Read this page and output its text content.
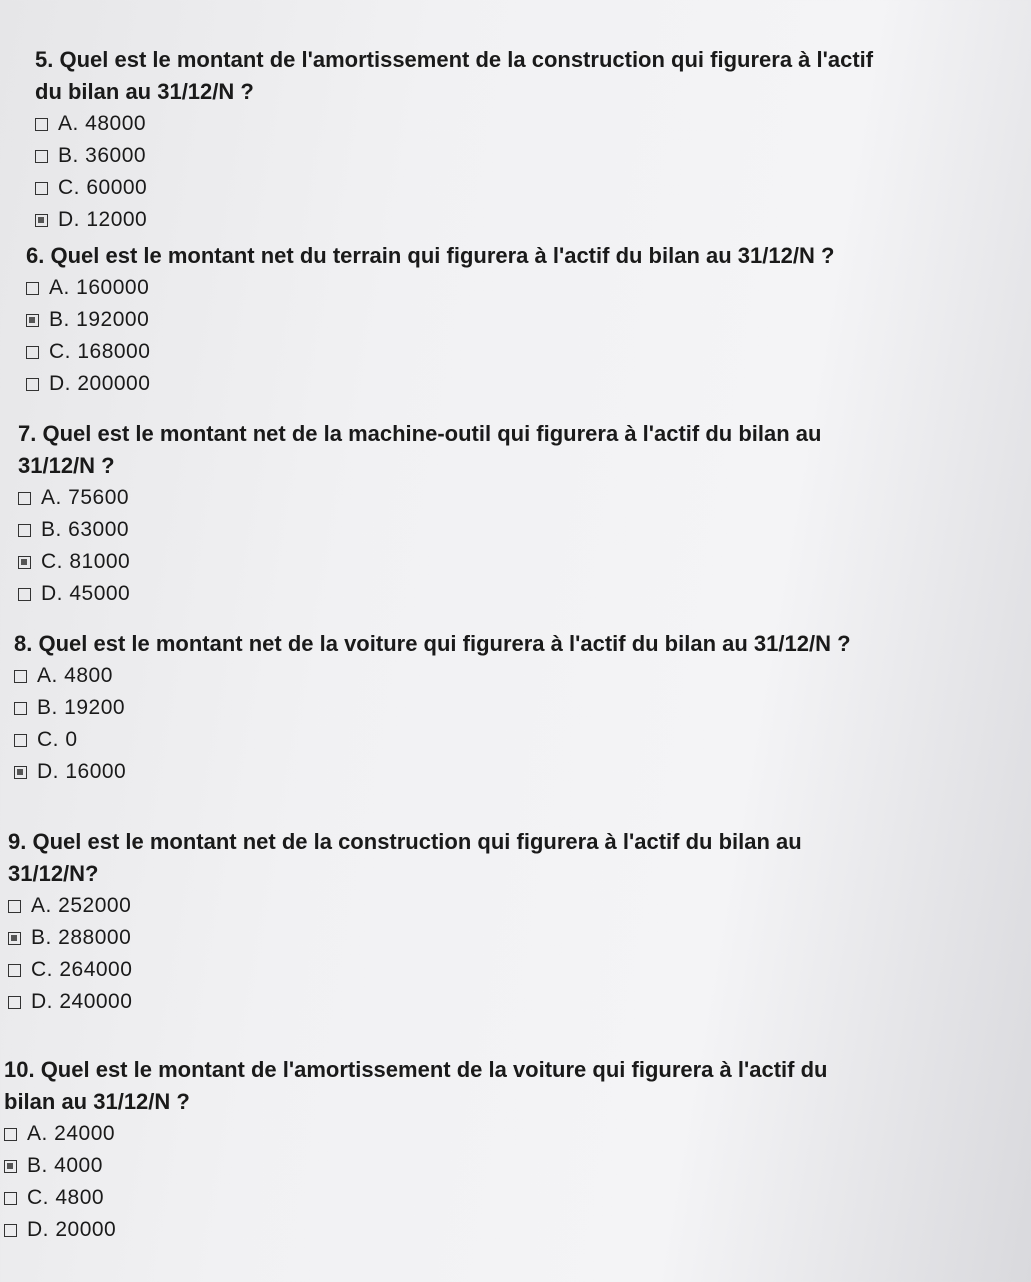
5. Quel est le montant de l'amortissement de la construction qui figurera à l'actif
du bilan au 31/12/N ?

A. 48000
B. 36000
C. 60000
D. 12000

6. Quel est le montant net du terrain qui figurera à l'actif du bilan au 31/12/N ?

A. 160000
B. 192000
C. 168000
D. 200000

7. Quel est le montant net de la machine-outil qui figurera à l'actif du bilan au
31/12/N ?

A. 75600
B. 63000
C. 81000
D. 45000

8. Quel est le montant net de la voiture qui figurera à l'actif du bilan au 31/12/N ?

A. 4800
B. 19200
C. 0
D. 16000

9. Quel est le montant net de la construction qui figurera à l'actif du bilan au
31/12/N?

A. 252000
B. 288000
C. 264000
D. 240000

10. Quel est le montant de l'amortissement de la voiture qui figurera à l'actif du
bilan au 31/12/N ?

A. 24000
B. 4000
C. 4800
D. 20000
